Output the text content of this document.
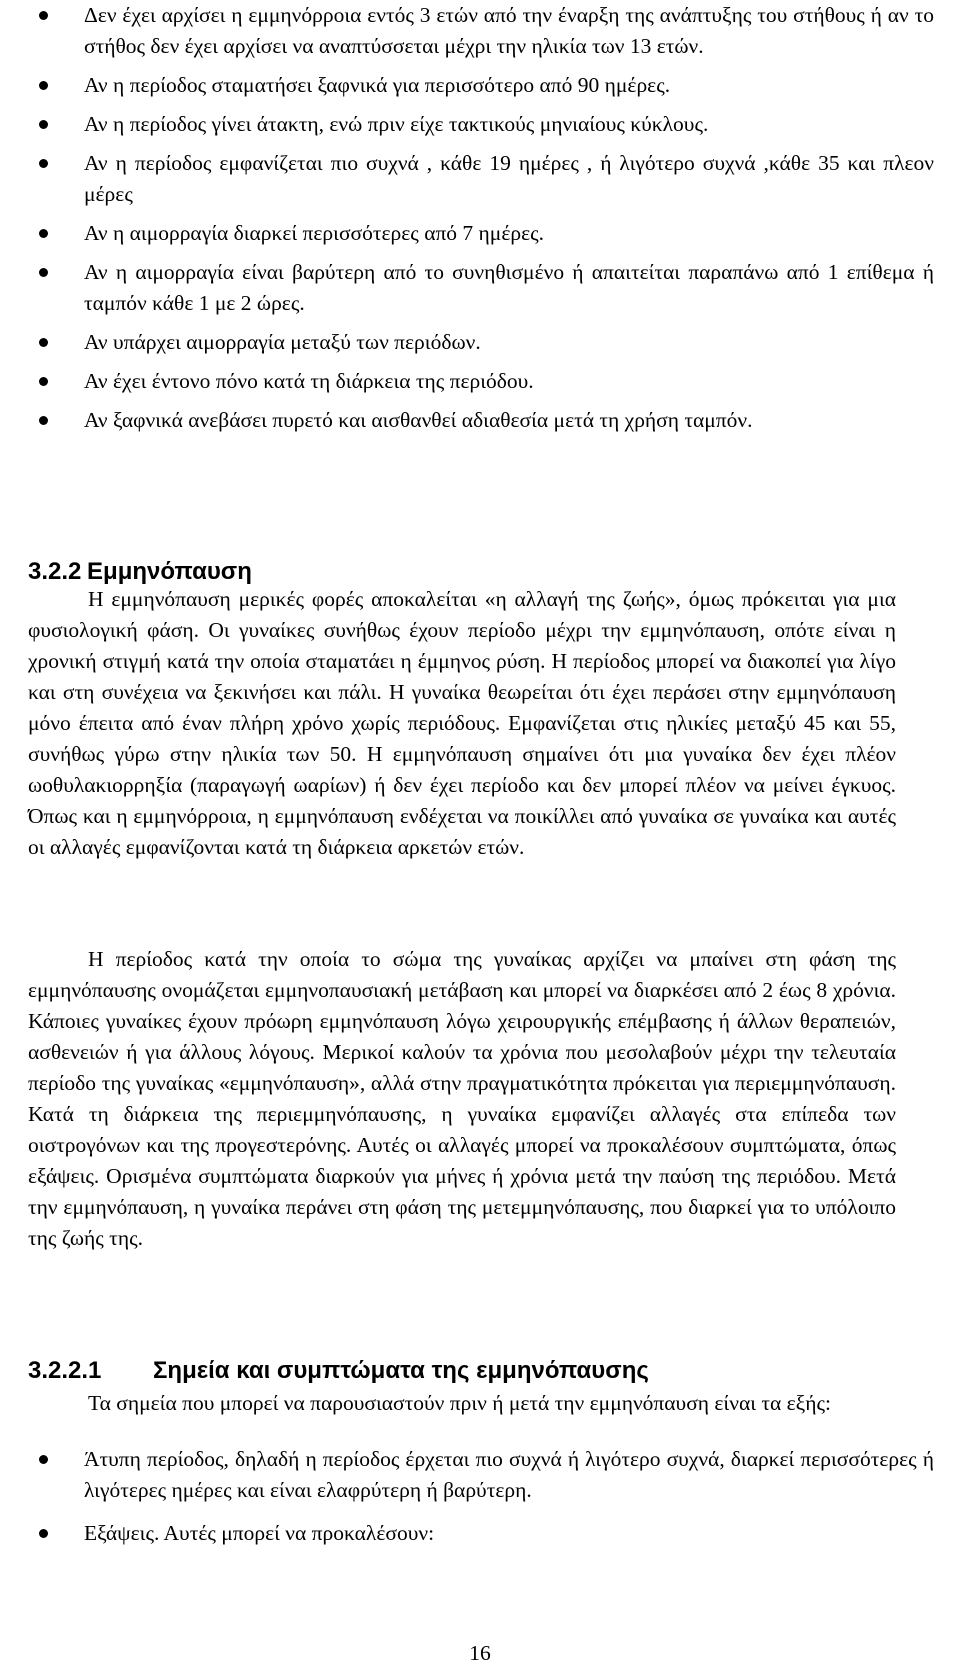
Δεν έχει αρχίσει η εμμηνόρροια εντός 3 ετών από την έναρξη της ανάπτυξης του στήθους ή αν το στήθος δεν έχει αρχίσει να αναπτύσσεται μέχρι την ηλικία των 13 ετών.

Αν η περίοδος σταματήσει ξαφνικά για περισσότερο από 90 ημέρες.

Αν η περίοδος γίνει άτακτη, ενώ πριν είχε τακτικούς μηνιαίους κύκλους.

Αν η περίοδος εμφανίζεται πιο συχνά , κάθε 19 ημέρες , ή λιγότερο συχνά ,κάθε 35 και πλεον μέρες

Αν η αιμορραγία διαρκεί περισσότερες από 7 ημέρες.

Αν η αιμορραγία είναι βαρύτερη από το συνηθισμένο ή απαιτείται παραπάνω από 1 επίθεμα ή ταμπόν κάθε 1 με 2 ώρες.

Αν υπάρχει αιμορραγία μεταξύ των περιόδων.

Αν έχει έντονο πόνο κατά τη διάρκεια της περιόδου.

Αν ξαφνικά ανεβάσει πυρετό και αισθανθεί αδιαθεσία μετά τη χρήση ταμπόν.

3.2.2 Εμμηνόπαυση

Η εμμηνόπαυση μερικές φορές αποκαλείται «η αλλαγή της ζωής», όμως πρόκειται για μια φυσιολογική φάση. Οι γυναίκες συνήθως έχουν περίοδο μέχρι την εμμηνόπαυση, οπότε είναι η χρονική στιγμή κατά την οποία σταματάει η έμμηνος ρύση. Η περίοδος μπορεί να διακοπεί για λίγο και στη συνέχεια να ξεκινήσει και πάλι. Η γυναίκα θεωρείται ότι έχει περάσει στην εμμηνόπαυση μόνο έπειτα από έναν πλήρη χρόνο χωρίς περιόδους. Εμφανίζεται στις ηλικίες μεταξύ 45 και 55, συνήθως γύρω στην ηλικία των 50. Η εμμηνόπαυση σημαίνει ότι μια γυναίκα δεν έχει πλέον ωοθυλακιορρηξία (παραγωγή ωαρίων) ή δεν έχει περίοδο και δεν μπορεί πλέον να μείνει έγκυος. Όπως και η εμμηνόρροια, η εμμηνόπαυση ενδέχεται να ποικίλλει από γυναίκα σε γυναίκα και αυτές οι αλλαγές εμφανίζονται κατά τη διάρκεια αρκετών ετών.

Η περίοδος κατά την οποία το σώμα της γυναίκας αρχίζει να μπαίνει στη φάση της εμμηνόπαυσης ονομάζεται εμμηνοπαυσιακή μετάβαση και μπορεί να διαρκέσει από 2 έως 8 χρόνια. Κάποιες γυναίκες έχουν πρόωρη εμμηνόπαυση λόγω χειρουργικής επέμβασης ή άλλων θεραπειών, ασθενειών ή για άλλους λόγους. Μερικοί καλούν τα χρόνια που μεσολαβούν μέχρι την τελευταία περίοδο της γυναίκας «εμμηνόπαυση», αλλά στην πραγματικότητα πρόκειται για περιεμμηνόπαυση. Κατά τη διάρκεια της περιεμμηνόπαυσης, η γυναίκα εμφανίζει αλλαγές στα επίπεδα των οιστρογόνων και της προγεστερόνης. Αυτές οι αλλαγές μπορεί να προκαλέσουν συμπτώματα, όπως εξάψεις. Ορισμένα συμπτώματα διαρκούν για μήνες ή χρόνια μετά την παύση της περιόδου. Μετά την εμμηνόπαυση, η γυναίκα περάνει στη φάση της μετεμμηνόπαυσης, που διαρκεί για το υπόλοιπο της ζωής της.

3.2.2.1 Σημεία και συμπτώματα της εμμηνόπαυσης

Τα σημεία που μπορεί να παρουσιαστούν πριν ή μετά την εμμηνόπαυση είναι τα εξής:

Άτυπη περίοδος, δηλαδή η περίοδος έρχεται πιο συχνά ή λιγότερο συχνά, διαρκεί περισσότερες ή λιγότερες ημέρες και είναι ελαφρύτερη ή βαρύτερη.

Εξάψεις. Αυτές μπορεί να προκαλέσουν:

16
